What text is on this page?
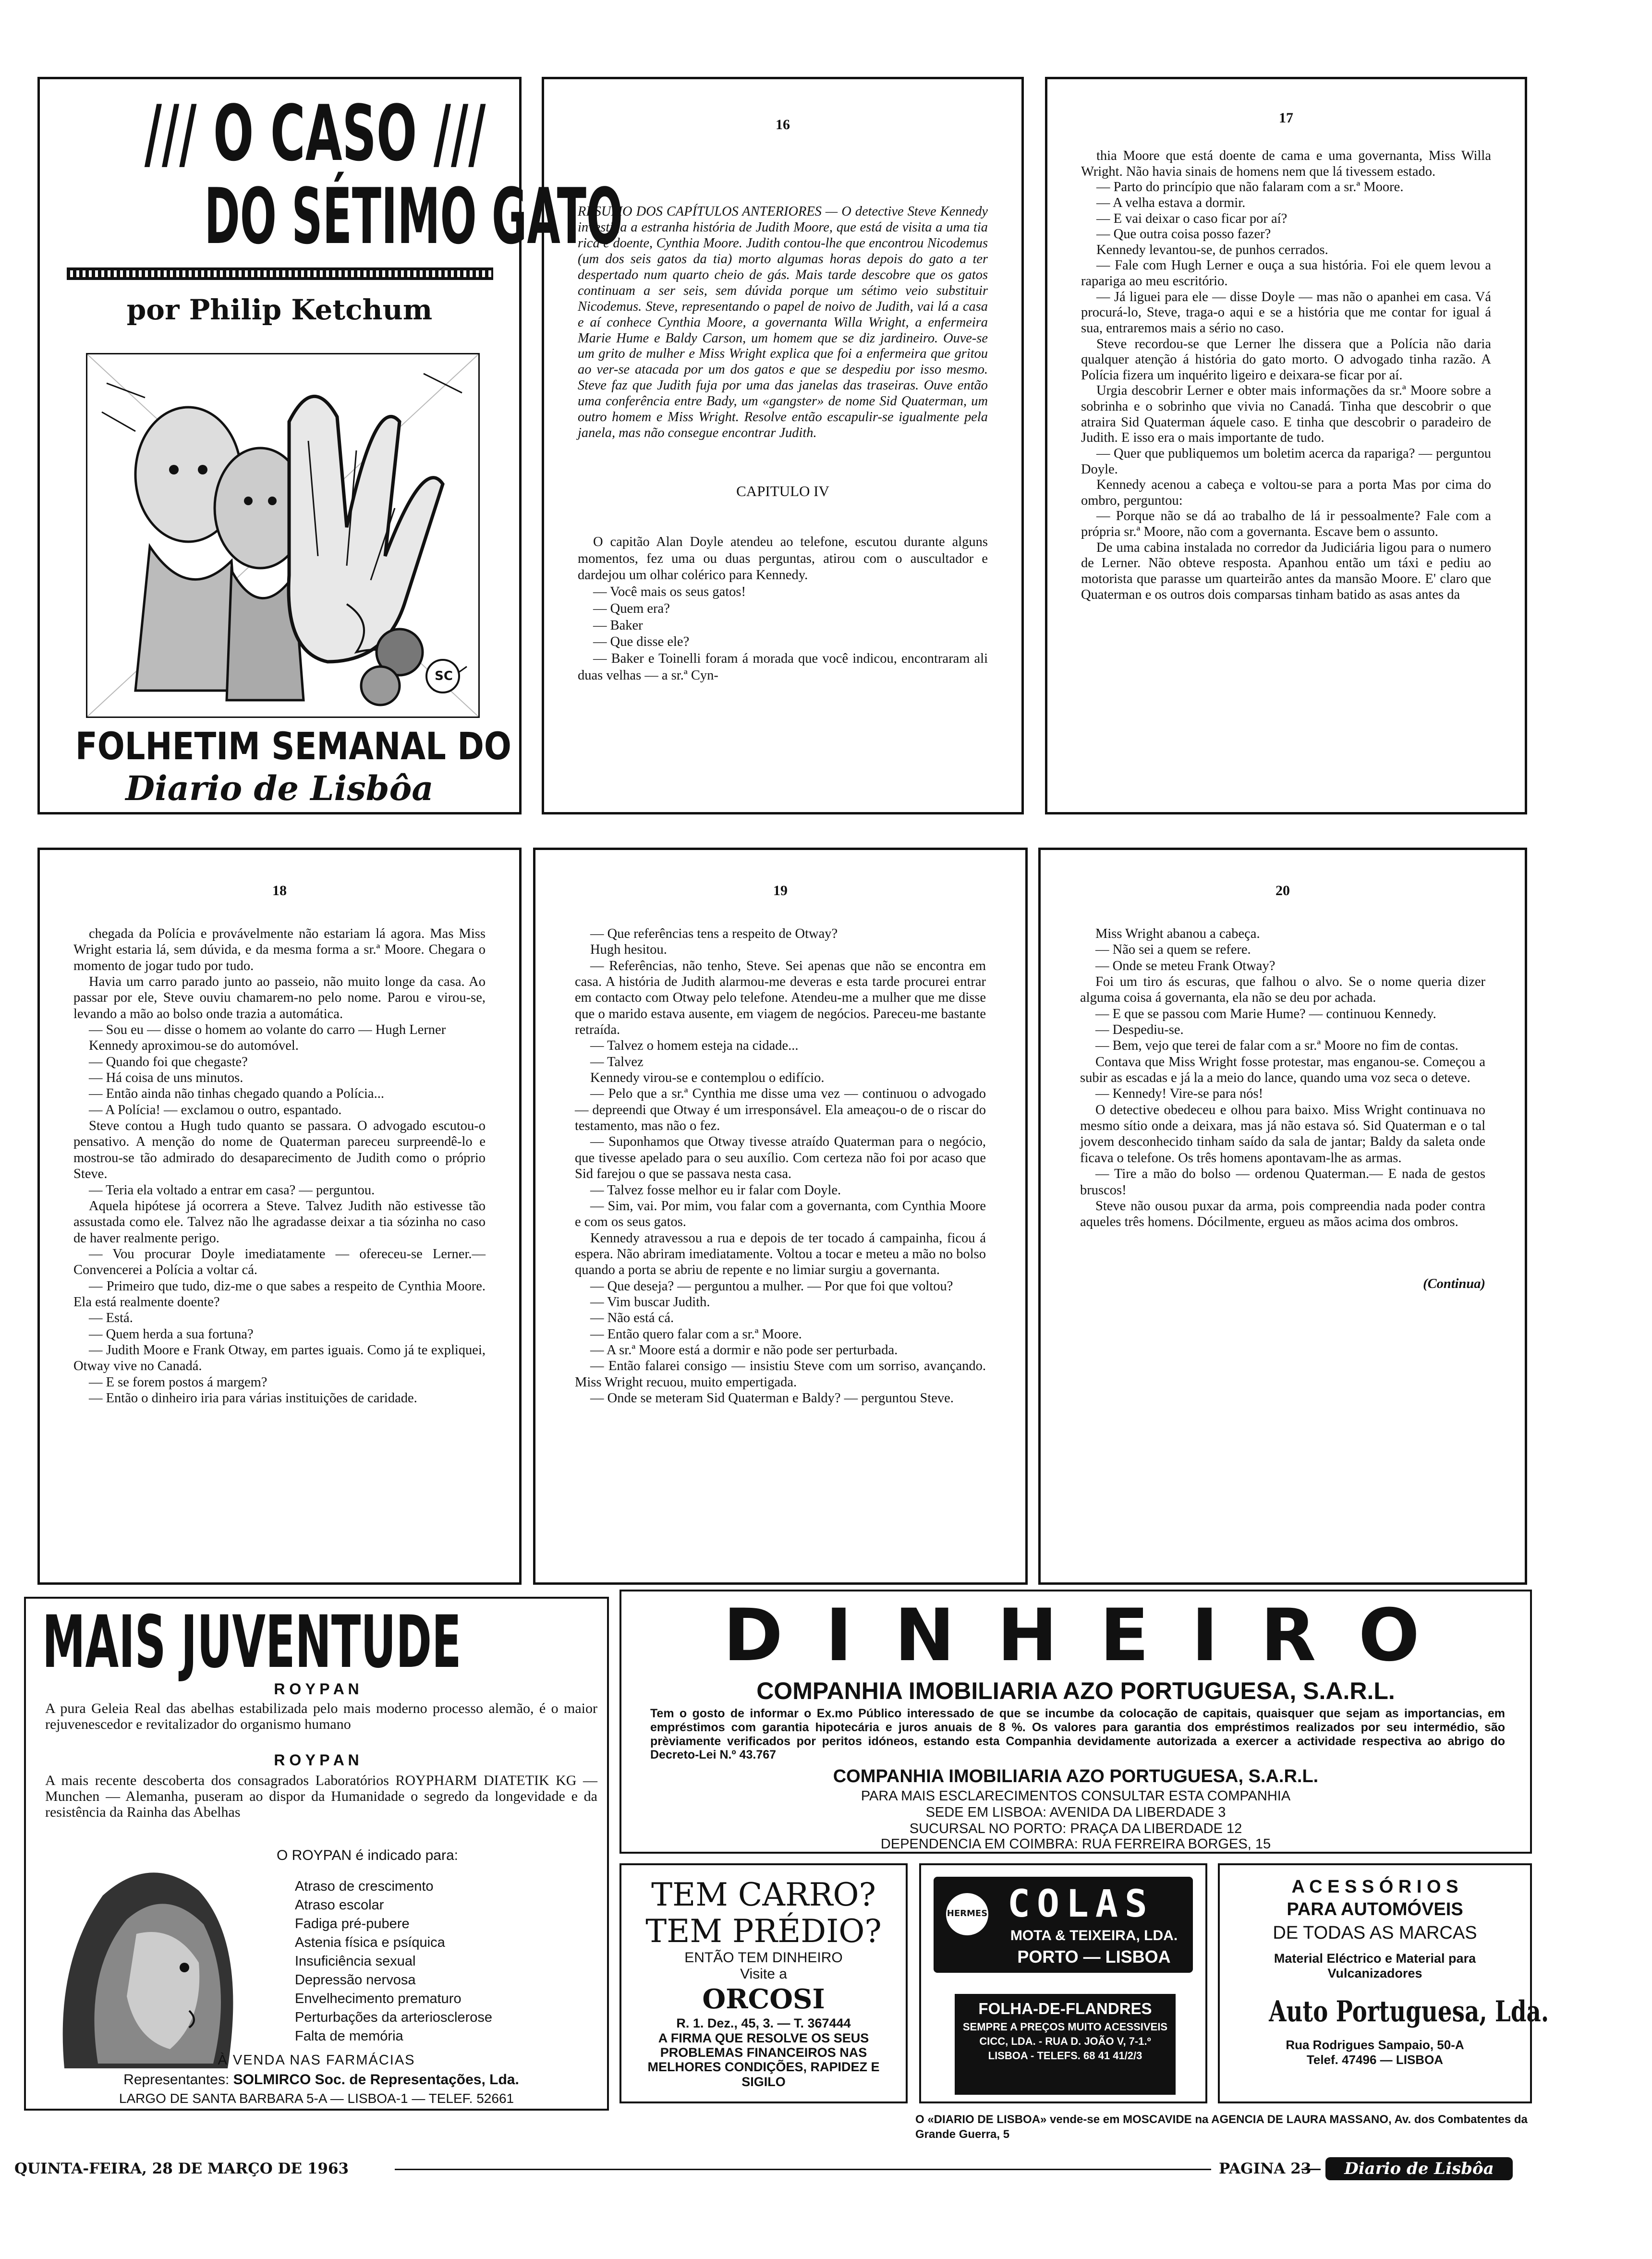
/// O CASO ///
DO SÉTIMO GATO
por Philip Ketchum
SC
FOLHETIM SEMANAL DO
Diario de Lisbôa
16
RESUMO DOS CAPÍTULOS ANTERIORES — O detective Steve Kennedy investiga a estranha história de Judith Moore, que está de visita a uma tia rica e doente, Cynthia Moore. Judith contou-lhe que encontrou Nicodemus (um dos seis gatos da tia) morto algumas horas depois do gato a ter despertado num quarto cheio de gás. Mais tarde descobre que os gatos continuam a ser seis, sem dúvida porque um sétimo veio substituir Nicodemus. Steve, representando o papel de noivo de Judith, vai lá a casa e aí conhece Cynthia Moore, a governanta Willa Wright, a enfermeira Marie Hume e Baldy Carson, um homem que se diz jardineiro. Ouve-se um grito de mulher e Miss Wright explica que foi a enfermeira que gritou ao ver-se atacada por um dos gatos e que se despediu por isso mesmo. Steve faz que Judith fuja por uma das janelas das traseiras. Ouve então uma conferência entre Bady, um «gangster» de nome Sid Quaterman, um outro homem e Miss Wright. Resolve então escapulir-se igualmente pela janela, mas não consegue encontrar Judith.
CAPITULO IV

O capitão Alan Doyle atendeu ao telefone, escutou durante alguns momentos, fez uma ou duas perguntas, atirou com o auscultador e dardejou um olhar colérico para Kennedy.

— Você mais os seus gatos!

— Quem era?

— Baker

— Que disse ele?

— Baker e Toinelli foram á morada que você indicou, encontraram ali duas velhas — a sr.ª Cyn-

17

thia Moore que está doente de cama e uma governanta, Miss Willa Wright. Não havia sinais de homens nem que lá tivessem estado.

— Parto do princípio que não falaram com a sr.ª Moore.

— A velha estava a dormir.

— E vai deixar o caso ficar por aí?

— Que outra coisa posso fazer?

Kennedy levantou-se, de punhos cerrados.

— Fale com Hugh Lerner e ouça a sua história. Foi ele quem levou a rapariga ao meu escritório.

— Já liguei para ele — disse Doyle — mas não o apanhei em casa. Vá procurá-lo, Steve, traga-o aqui e se a história que me contar for igual á sua, entraremos mais a sério no caso.

Steve recordou-se que Lerner lhe dissera que a Polícia não daria qualquer atenção á história do gato morto. O advogado tinha razão. A Polícia fizera um inquérito ligeiro e deixara-se ficar por aí.

Urgia descobrir Lerner e obter mais informações da sr.ª Moore sobre a sobrinha e o sobrinho que vivia no Canadá. Tinha que descobrir o que atraira Sid Quaterman áquele caso. E tinha que descobrir o paradeiro de Judith. E isso era o mais importante de tudo.

— Quer que publiquemos um boletim acerca da rapariga? — perguntou Doyle.

Kennedy acenou a cabeça e voltou-se para a porta Mas por cima do ombro, perguntou:

— Porque não se dá ao trabalho de lá ir pessoalmente? Fale com a própria sr.ª Moore, não com a governanta. Escave bem o assunto.

De uma cabina instalada no corredor da Judiciária ligou para o numero de Lerner. Não obteve resposta. Apanhou então um táxi e pediu ao motorista que parasse um quarteirão antes da mansão Moore. E' claro que Quaterman e os outros dois comparsas tinham batido as asas antes da

18

chegada da Polícia e provávelmente não estariam lá agora. Mas Miss Wright estaria lá, sem dúvida, e da mesma forma a sr.ª Moore. Chegara o momento de jogar tudo por tudo.

Havia um carro parado junto ao passeio, não muito longe da casa. Ao passar por ele, Steve ouviu chamarem-no pelo nome. Parou e virou-se, levando a mão ao bolso onde trazia a automática.

— Sou eu — disse o homem ao volante do carro — Hugh Lerner

Kennedy aproximou-se do automóvel.

— Quando foi que chegaste?

— Há coisa de uns minutos.

— Então ainda não tinhas chegado quando a Polícia...

— A Polícia! — exclamou o outro, espantado.

Steve contou a Hugh tudo quanto se passara. O advogado escutou-o pensativo. A menção do nome de Quaterman pareceu surpreendê-lo e mostrou-se tão admirado do desaparecimento de Judith como o próprio Steve.

— Teria ela voltado a entrar em casa? — perguntou.

Aquela hipótese já ocorrera a Steve. Talvez Judith não estivesse tão assustada como ele. Talvez não lhe agradasse deixar a tia sózinha no caso de haver realmente perigo.

— Vou procurar Doyle imediatamente — ofereceu-se Lerner.— Convencerei a Polícia a voltar cá.

— Primeiro que tudo, diz-me o que sabes a respeito de Cynthia Moore. Ela está realmente doente?

— Está.

— Quem herda a sua fortuna?

— Judith Moore e Frank Otway, em partes iguais. Como já te expliquei, Otway vive no Canadá.

— E se forem postos á margem?

— Então o dinheiro iria para várias instituições de caridade.

19

— Que referências tens a respeito de Otway?

Hugh hesitou.

— Referências, não tenho, Steve. Sei apenas que não se encontra em casa. A história de Judith alarmou-me deveras e esta tarde procurei entrar em contacto com Otway pelo telefone. Atendeu-me a mulher que me disse que o marido estava ausente, em viagem de negócios. Pareceu-me bastante retraída.

— Talvez o homem esteja na cidade...

— Talvez

Kennedy virou-se e contemplou o edifício.

— Pelo que a sr.ª Cynthia me disse uma vez — continuou o advogado — depreendi que Otway é um irresponsável. Ela ameaçou-o de o riscar do testamento, mas não o fez.

— Suponhamos que Otway tivesse atraído Quaterman para o negócio, que tivesse apelado para o seu auxílio. Com certeza não foi por acaso que Sid farejou o que se passava nesta casa.

— Talvez fosse melhor eu ir falar com Doyle.

— Sim, vai. Por mim, vou falar com a governanta, com Cynthia Moore e com os seus gatos.

Kennedy atravessou a rua e depois de ter tocado á campainha, ficou á espera. Não abriram imediatamente. Voltou a tocar e meteu a mão no bolso quando a porta se abriu de repente e no limiar surgiu a governanta.

— Que deseja? — perguntou a mulher. — Por que foi que voltou?

— Vim buscar Judith.

— Não está cá.

— Então quero falar com a sr.ª Moore.

— A sr.ª Moore está a dormir e não pode ser perturbada.

— Então falarei consigo — insistiu Steve com um sorriso, avançando. Miss Wright recuou, muito empertigada.

— Onde se meteram Sid Quaterman e Baldy? — perguntou Steve.

20

Miss Wright abanou a cabeça.

— Não sei a quem se refere.

— Onde se meteu Frank Otway?

Foi um tiro ás escuras, que falhou o alvo. Se o nome queria dizer alguma coisa á governanta, ela não se deu por achada.

— E que se passou com Marie Hume? — continuou Kennedy.

— Despediu-se.

— Bem, vejo que terei de falar com a sr.ª Moore no fim de contas.

Contava que Miss Wright fosse protestar, mas enganou-se. Começou a subir as escadas e já la a meio do lance, quando uma voz seca o deteve.

— Kennedy! Vire-se para nós!

O detective obedeceu e olhou para baixo. Miss Wright continuava no mesmo sítio onde a deixara, mas já não estava só. Sid Quaterman e o tal jovem desconhecido tinham saído da sala de jantar; Baldy da saleta onde ficava o telefone. Os três homens apontavam-lhe as armas.

— Tire a mão do bolso — ordenou Quaterman.— E nada de gestos bruscos!

Steve não ousou puxar da arma, pois compreendia nada poder contra aqueles três homens. Dócilmente, ergueu as mãos acima dos ombros.

(Continua)
MAIS JUVENTUDE
R O Y P A N
A pura Geleia Real das abelhas estabilizada pelo mais moderno processo alemão, é o maior rejuvenescedor e revitalizador do organismo humano
R O Y P A N
A mais recente descoberta dos consagrados Laboratórios ROYPHARM DIATETIK KG — Munchen — Alemanha, puseram ao dispor da Humanidade o segredo da longevidade e da resistência da Rainha das Abelhas
O ROYPAN é indicado para:
Atraso de crescimento
Atraso escolar
Fadiga pré-pubere
Astenia física e psíquica
Insuficiência sexual
Depressão nervosa
Envelhecimento prematuro
Perturbações da arteriosclerose
Falta de memória
À VENDA NAS FARMÁCIAS
Representantes: SOLMIRCO Soc. de Representações, Lda.
LARGO DE SANTA BARBARA 5-A — LISBOA-1 — TELEF. 52661
D I N H E I R O
COMPANHIA IMOBILIARIA AZO PORTUGUESA, S.A.R.L.
Tem o gosto de informar o Ex.mo Público interessado de que se incumbe da colocação de capitais, quaisquer que sejam as importancias, em empréstimos com garantia hipotecária e juros anuais de 8 %. Os valores para garantia dos empréstimos realizados por seu intermédio, são prèviamente verificados por peritos idóneos, estando esta Companhia devidamente autorizada a exercer a actividade respectiva ao abrigo do Decreto-Lei N.º 43.767
COMPANHIA IMOBILIARIA AZO PORTUGUESA, S.A.R.L.
PARA MAIS ESCLARECIMENTOS CONSULTAR ESTA COMPANHIA
SEDE EM LISBOA: AVENIDA DA LIBERDADE 3
SUCURSAL NO PORTO: PRAÇA DA LIBERDADE 12
DEPENDENCIA EM COIMBRA: RUA FERREIRA BORGES, 15
TEM CARRO?
TEM PRÉDIO?
ENTÃO TEM DINHEIRO
Visite a
ORCOSI
R. 1. Dez., 45, 3. — T. 367444
A FIRMA QUE RESOLVE OS SEUS PROBLEMAS FINANCEIROS NAS MELHORES CONDIÇÕES, RAPIDEZ E SIGILO
HERMES COLAS
MOTA & TEIXEIRA, LDA.
PORTO — LISBOA
FOLHA-DE-FLANDRES
SEMPRE A PREÇOS MUITO ACESSIVEIS
CICC, LDA. - RUA D. JOÃO V, 7-1.º
LISBOA - TELEFS. 68 41 41/2/3
A C E S S Ó R I O S
PARA AUTOMÓVEIS
DE TODAS AS MARCAS
Material Eléctrico e Material para Vulcanizadores
Auto Portuguesa, Lda.
Rua Rodrigues Sampaio, 50-A
Telef. 47496 — LISBOA
O «DIARIO DE LISBOA» vende-se em MOSCAVIDE na AGENCIA DE LAURA MASSANO, Av. dos Combatentes da Grande Guerra, 5
QUINTA-FEIRA, 28 DE MARÇO DE 1963	PAGINA 23	Diario de Lisbôa
